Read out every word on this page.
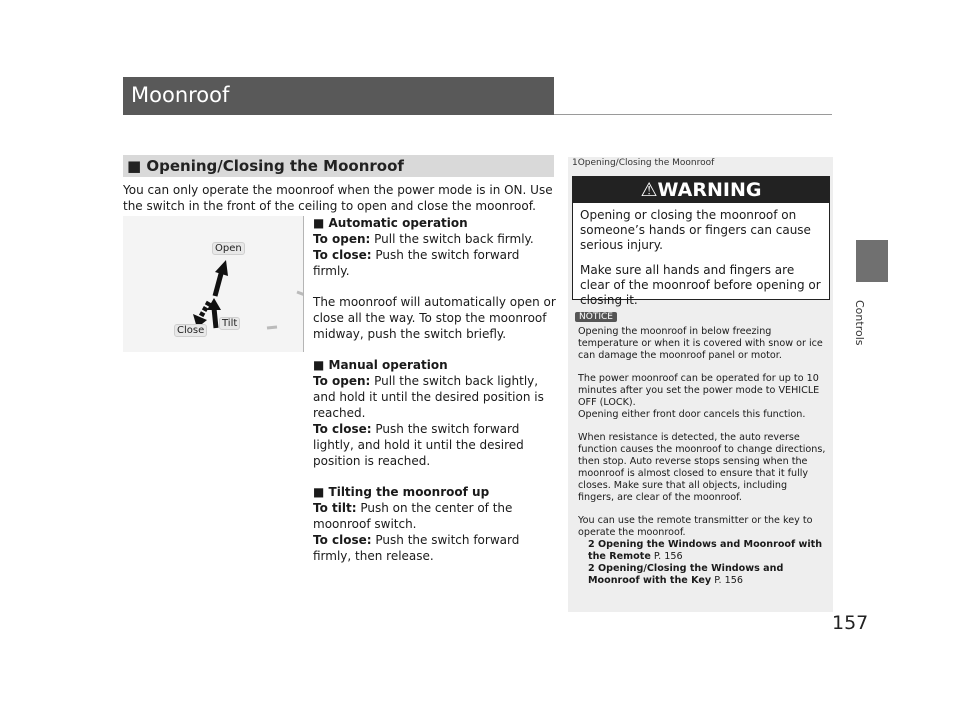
Moonroof
Controls
157
■ Opening/Closing the Moonroof
You can only operate the moonroof when the power mode is in ON. Use the switch in the front of the ceiling to open and close the moonroof.
Open
Tilt
Close

■ Automatic operation

To open: Pull the switch back firmly.

To close: Push the switch forward firmly.

The moonroof will automatically open or close all the way. To stop the moonroof midway, push the switch briefly.

■ Manual operation

To open: Pull the switch back lightly, and hold it until the desired position is reached.

To close: Push the switch forward lightly, and hold it until the desired position is reached.

■ Tilting the moonroof up

To tilt: Push on the center of the moonroof switch.

To close: Push the switch forward firmly, then release.

1Opening/Closing the Moonroof
⚠WARNING

Opening or closing the moonroof on someone’s hands or fingers can cause serious injury.

Make sure all hands and fingers are clear of the moonroof before opening or closing it.

NOTICE

Opening the moonroof in below freezing temperature or when it is covered with snow or ice can damage the moonroof panel or motor.

The power moonroof can be operated for up to 10 minutes after you set the power mode to VEHICLE OFF (LOCK).
Opening either front door cancels this function.

When resistance is detected, the auto reverse function causes the moonroof to change directions, then stop. Auto reverse stops sensing when the moonroof is almost closed to ensure that it fully closes. Make sure that all objects, including fingers, are clear of the moonroof.

You can use the remote transmitter or the key to operate the moonroof.

2 Opening the Windows and Moonroof with the Remote P. 156
2 Opening/Closing the Windows and Moonroof with the Key P. 156
